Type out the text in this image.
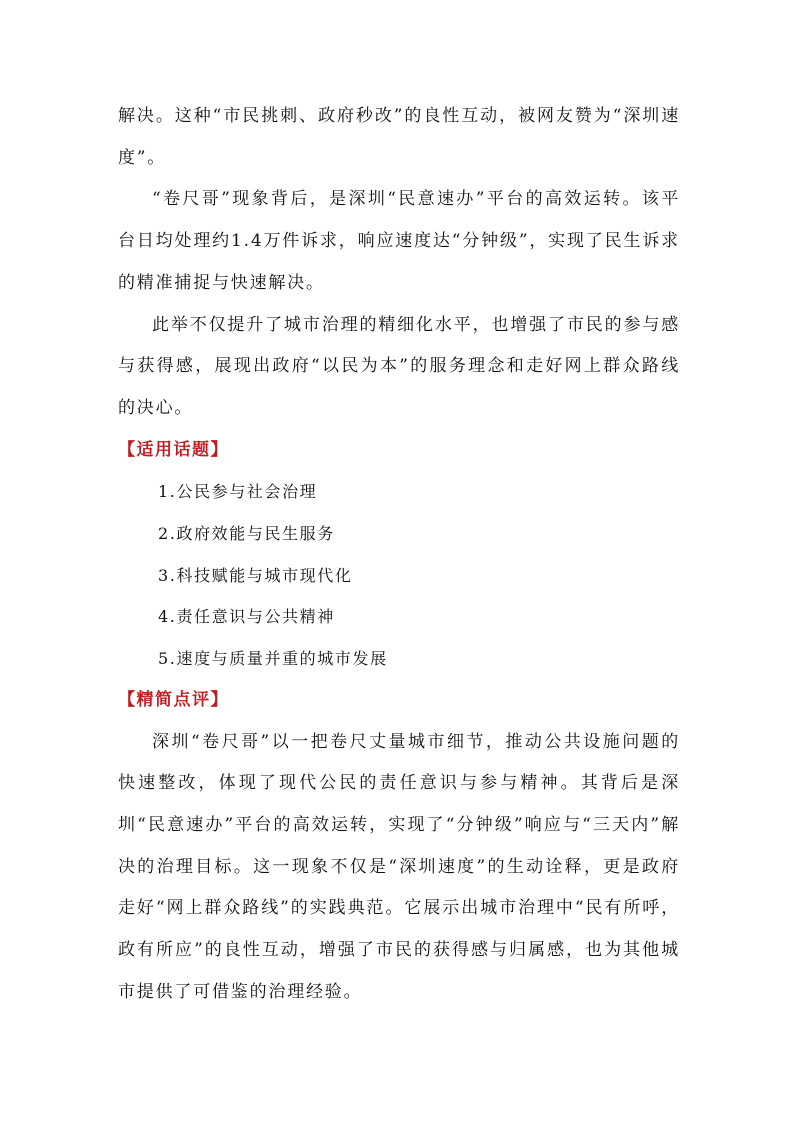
解决。这种“市民挑刺、政府秒改”的良性互动，被网友赞为“深圳速度”。

“卷尺哥”现象背后，是深圳“民意速办”平台的高效运转。该平台日均处理约1.4万件诉求，响应速度达“分钟级”，实现了民生诉求的精准捕捉与快速解决。

此举不仅提升了城市治理的精细化水平，也增强了市民的参与感与获得感，展现出政府“以民为本”的服务理念和走好网上群众路线的决心。

【适用话题】

1.公民参与社会治理
2.政府效能与民生服务
3.科技赋能与城市现代化
4.责任意识与公共精神
5.速度与质量并重的城市发展

【精简点评】

深圳“卷尺哥”以一把卷尺丈量城市细节，推动公共设施问题的快速整改，体现了现代公民的责任意识与参与精神。其背后是深圳“民意速办”平台的高效运转，实现了“分钟级”响应与“三天内”解决的治理目标。这一现象不仅是“深圳速度”的生动诠释，更是政府走好“网上群众路线”的实践典范。它展示出城市治理中“民有所呼，政有所应”的良性互动，增强了市民的获得感与归属感，也为其他城市提供了可借鉴的治理经验。
